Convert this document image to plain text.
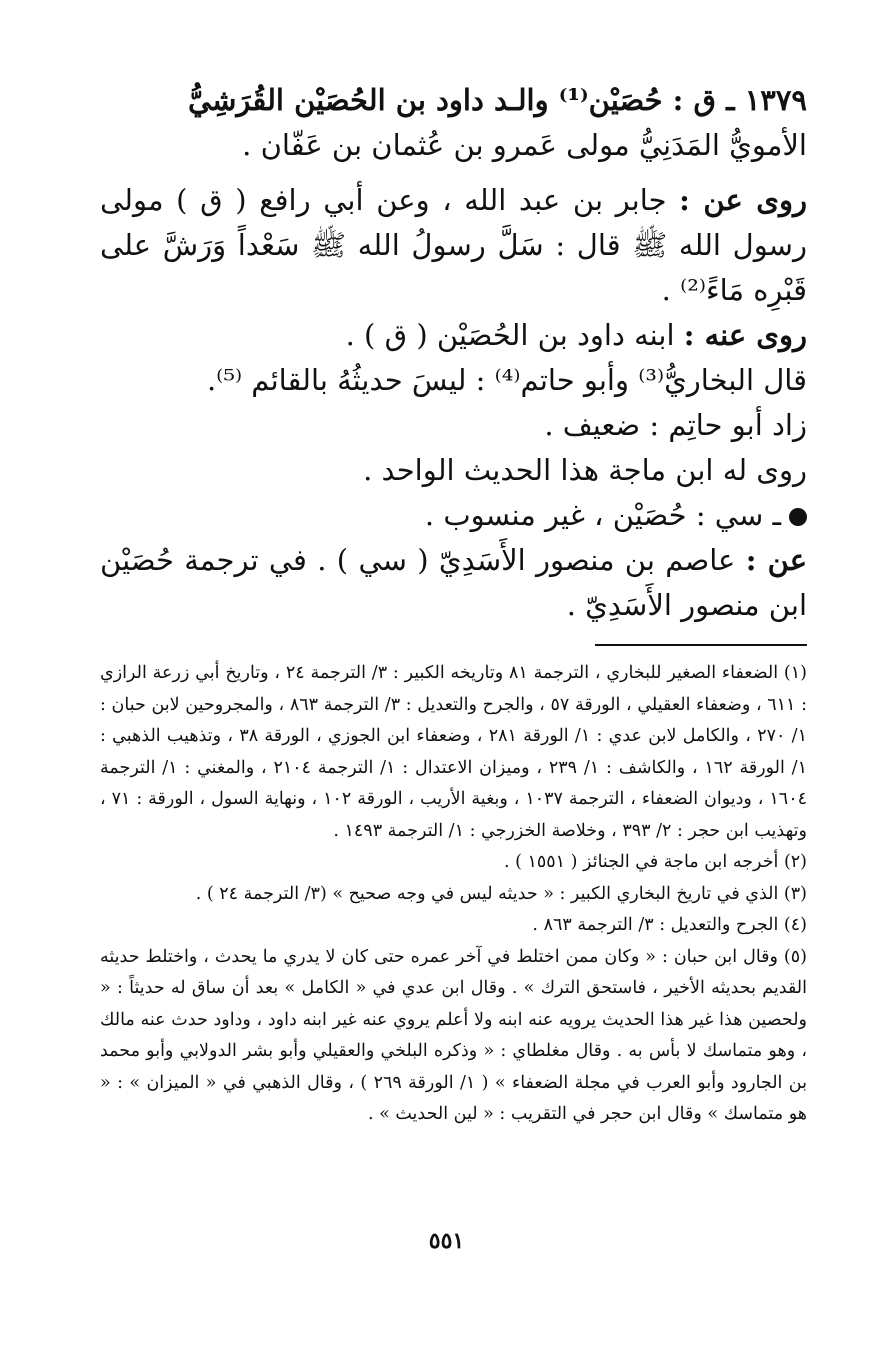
١٣٧٩ ـ ق : حُصَيْن⁽¹⁾ والـد داود بن الحُصَيْن القُرَشِيُّ

الأمويُّ المَدَنِيُّ مولى عَمرو بن عُثمان بن عَفّان .

روى عن : جابر بن عبد الله ، وعن أبي رافع ( ق ) مولى رسول الله ﷺ قال : سَلَّ رسولُ الله ﷺ سَعْداً وَرَشَّ على قَبْرِه مَاءً⁽²⁾ .

روى عنه : ابنه داود بن الحُصَيْن ( ق ) .

قال البخاريُّ⁽³⁾ وأبو حاتم⁽⁴⁾ : ليسَ حديثُهُ بالقائم ⁽⁵⁾.

زاد أبو حاتِم : ضعيف .

روى له ابن ماجة هذا الحديث الواحد .

ـ سي : حُصَيْن ، غير منسوب .

عن : عاصم بن منصور الأَسَدِيّ ( سي ) . في ترجمة حُصَيْن ابن منصور الأَسَدِيّ .

(١) الضعفاء الصغير للبخاري ، الترجمة ٨١ وتاريخه الكبير : ٣/ الترجمة ٢٤ ، وتاريخ أبي زرعة الرازي : ٦١١ ، وضعفاء العقيلي ، الورقة ٥٧ ، والجرح والتعديل : ٣/ الترجمة ٨٦٣ ، والمجروحين لابن حبان : ١/ ٢٧٠ ، والكامل لابن عدي : ١/ الورقة ٢٨١ ، وضعفاء ابن الجوزي ، الورقة ٣٨ ، وتذهيب الذهبي : ١/ الورقة ١٦٢ ، والكاشف : ١/ ٢٣٩ ، وميزان الاعتدال : ١/ الترجمة ٢١٠٤ ، والمغني : ١/ الترجمة ١٦٠٤ ، وديوان الضعفاء ، الترجمة ١٠٣٧ ، وبغية الأريب ، الورقة ١٠٢ ، ونهاية السول ، الورقة : ٧١ ، وتهذيب ابن حجر : ٢/ ٣٩٣ ، وخلاصة الخزرجي : ١/ الترجمة ١٤٩٣ .

(٢) أخرجه ابن ماجة في الجنائز ( ١٥٥١ ) .

(٣) الذي في تاريخ البخاري الكبير : « حديثه ليس في وجه صحيح » (٣/ الترجمة ٢٤ ) .

(٤) الجرح والتعديل : ٣/ الترجمة ٨٦٣ .

(٥) وقال ابن حبان : « وكان ممن اختلط في آخر عمره حتى كان لا يدري ما يحدث ، واختلط حديثه القديم بحديثه الأخير ، فاستحق الترك » . وقال ابن عدي في « الكامل » بعد أن ساق له حديثاً : « ولحصين هذا غير هذا الحديث يرويه عنه ابنه ولا أعلم يروي عنه غير ابنه داود ، وداود حدث عنه مالك ، وهو متماسك لا بأس به . وقال مغلطاي : « وذكره البلخي والعقيلي وأبو بشر الدولابي وأبو محمد بن الجارود وأبو العرب في مجلة الضعفاء » ( ١/ الورقة ٢٦٩ ) ، وقال الذهبي في « الميزان » : « هو متماسك » وقال ابن حجر في التقريب : « لين الحديث » .

٥٥١
